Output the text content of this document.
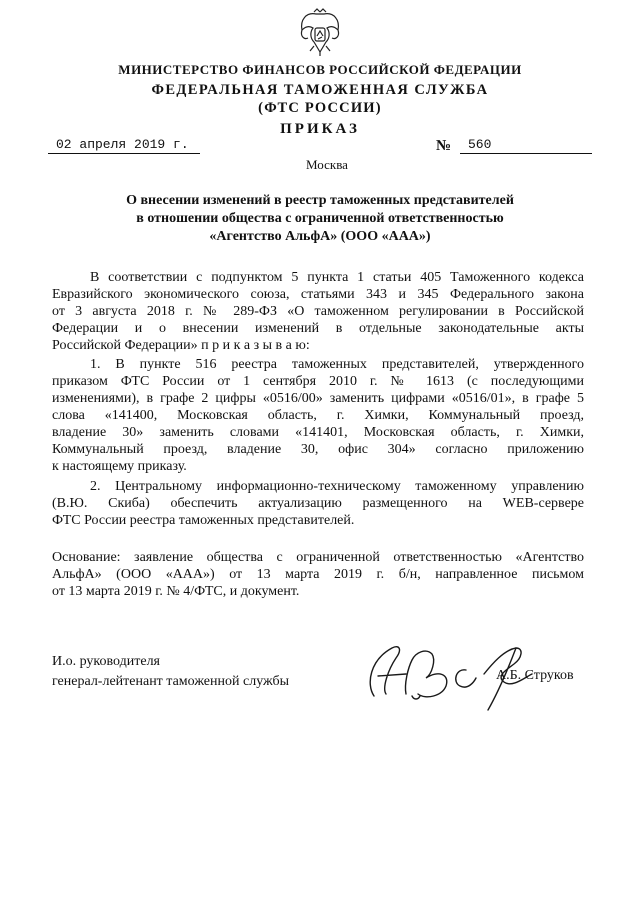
МИНИСТЕРСТВО ФИНАНСОВ РОССИЙСКОЙ ФЕДЕРАЦИИ
ФЕДЕРАЛЬНАЯ ТАМОЖЕННАЯ СЛУЖБА
(ФТС РОССИИ)
ПРИКАЗ
02 апреля 2019 г.	№	560
Москва
О внесении изменений в реестр таможенных представителей
в отношении общества с ограниченной ответственностью
«Агентство АльфА» (ООО «ААА»)
В соответствии с подпунктом 5 пункта 1 статьи 405 Таможенного кодекса
Евразийского экономического союза, статьями 343 и 345 Федерального закона
от 3 августа 2018 г. № 289-ФЗ «О таможенном регулировании в Российской
Федерации и о внесении изменений в отдельные законодательные акты
Российской Федерации» п р и к а з ы в а ю:
1. В пункте 516 реестра таможенных представителей, утвержденного
приказом ФТС России от 1 сентября 2010 г. № 1613 (с последующими
изменениями), в графе 2 цифры «0516/00» заменить цифрами «0516/01», в графе 5
слова «141400, Московская область, г. Химки, Коммунальный проезд,
владение 30» заменить словами «141401, Московская область, г. Химки,
Коммунальный проезд, владение 30, офис 304» согласно приложению
к настоящему приказу.
2. Центральному информационно-техническому таможенному управлению
(В.Ю. Скиба) обеспечить актуализацию размещенного на WEB-сервере
ФТС России реестра таможенных представителей.
Основание: заявление общества с ограниченной ответственностью «Агентство
АльфА» (ООО «ААА») от 13 марта 2019 г. б/н, направленное письмом
от 13 марта 2019 г. № 4/ФТС, и документ.
И.о. руководителя
генерал-лейтенант таможенной службы	А.Б. Струков
